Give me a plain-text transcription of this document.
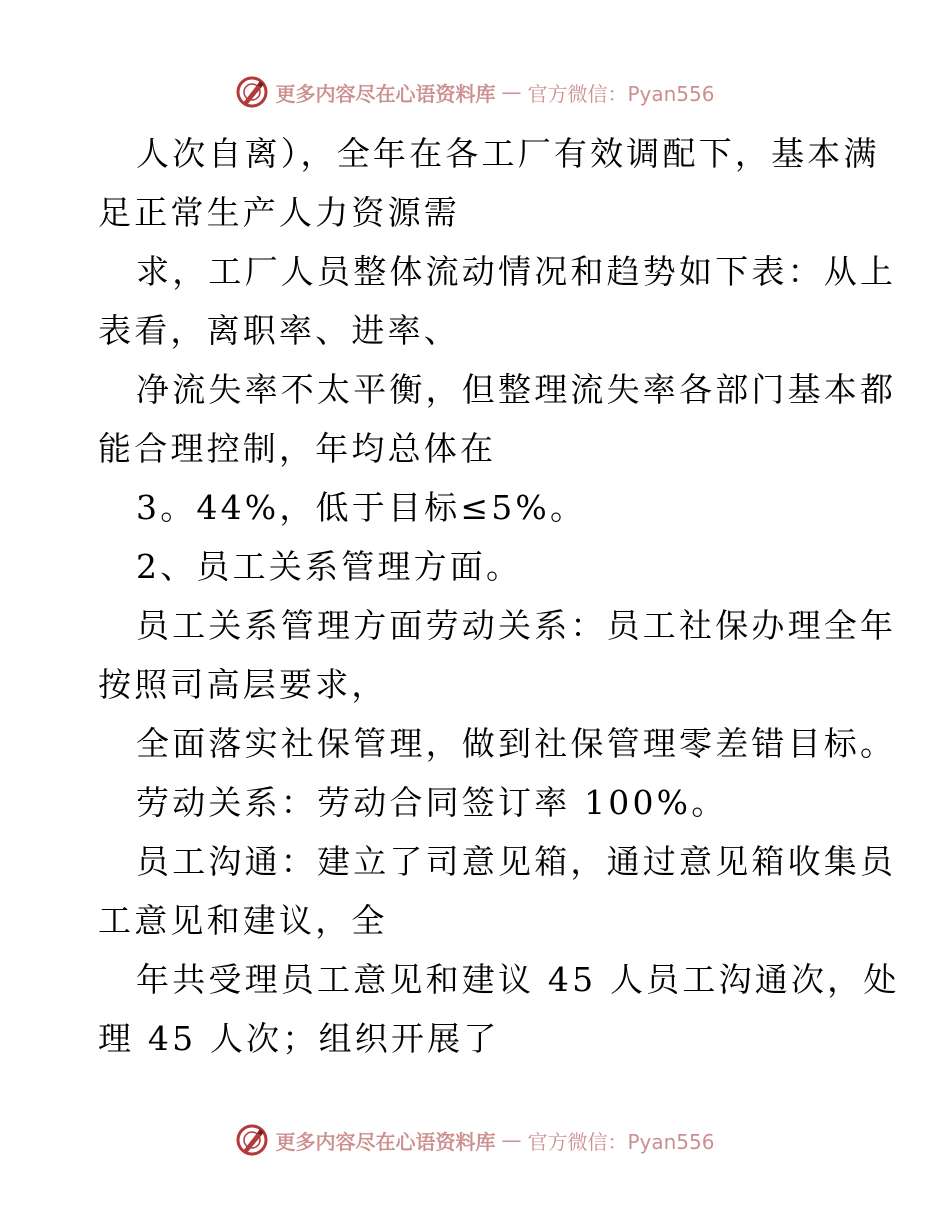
更多内容尽在心语资料库 — 官方微信：Pyan556

人次自离），全年在各工厂有效调配下，基本满

足正常生产人力资源需

求，工厂人员整体流动情况和趋势如下表：从上

表看，离职率、进率、

净流失率不太平衡，但整理流失率各部门基本都

能合理控制，年均总体在

3。44%，低于目标≤5%。

2、员工关系管理方面。

员工关系管理方面劳动关系：员工社保办理全年

按照司高层要求，

全面落实社保管理，做到社保管理零差错目标。

劳动关系：劳动合同签订率 100%。

员工沟通：建立了司意见箱，通过意见箱收集员

工意见和建议，全

年共受理员工意见和建议 45 人员工沟通次，处

理 45 人次；组织开展了

更多内容尽在心语资料库 — 官方微信：Pyan556
